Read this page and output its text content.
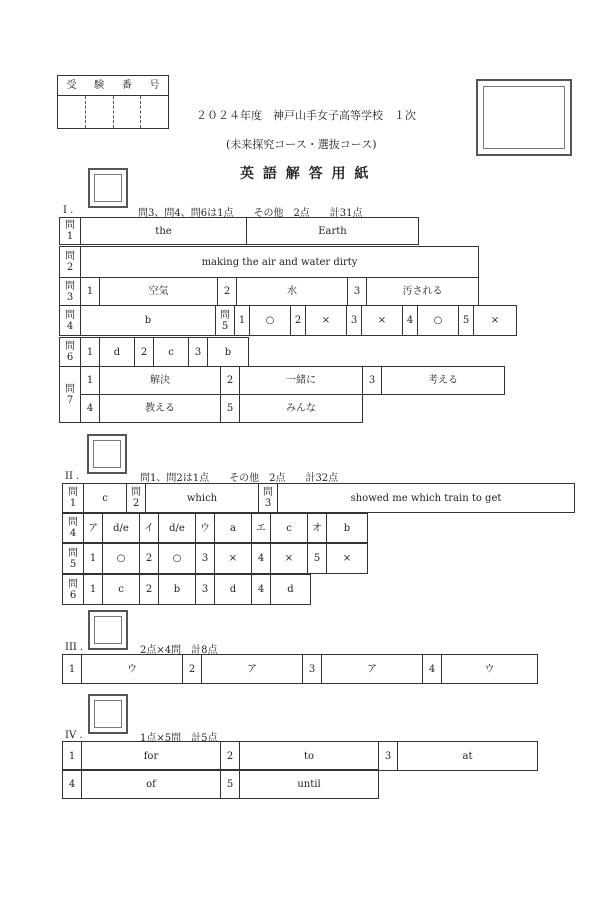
受	験	番	号

２０２４年度　神戸山手女子高等学校　１次
(未来探究コース・選抜コース)
英 語 解 答 用 紙
I .	問3、問4、問6は1点　　その他　2点　　計31点
問
1	the	Earth
問
2	making the air and water dirty
問
3	1	空気	2	水	3	汚される
問
4	b	問
5	1	○	2	×	3	×	4	○	5	×
問
6	1	d	2	c	3	b
問
7	1	解決	2	一緒に	3	考える
	4	教える	5	みんな		
II .	問1、問2は1点　　その他　2点　　計32点
問
1	c	問
2	which	問
3	showed me which train to get
問
4	ア	d/e	イ	d/e	ウ	a	エ	c	オ	b
問
5	1	○	2	○	3	×	4	×	5	×
問
6	1	c	2	b	3	d	4	d
III .	2点×4問　計8点
1	ウ	2	ア	3	ア	4	ウ
IV .	1点×5問　計5点
1	for	2	to	3	at
4	of	5	until
